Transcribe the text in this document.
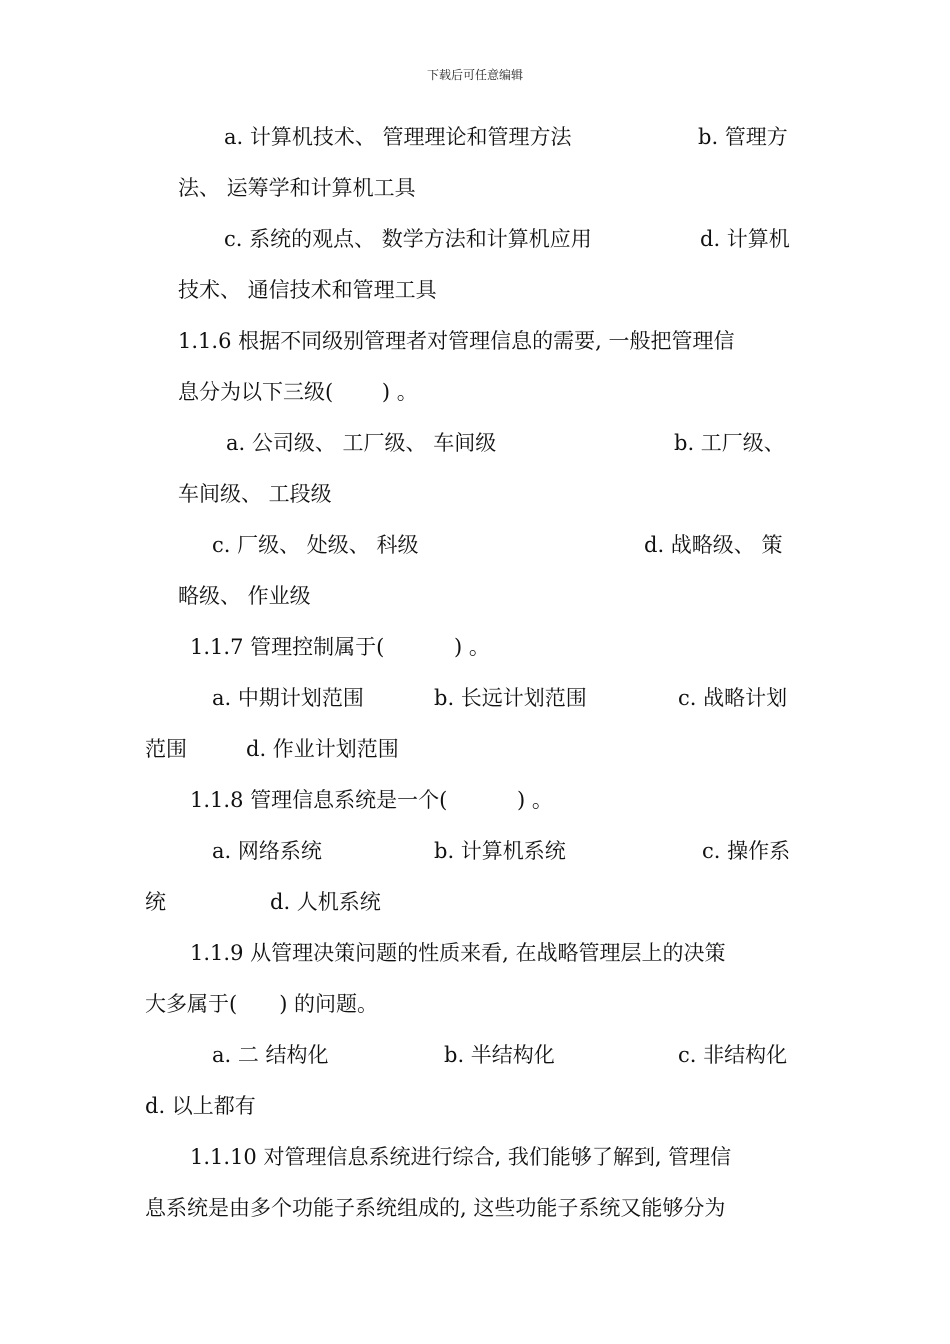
下载后可任意编辑
a. 计算机技术、 管理理论和管理方法	b. 管理方
法、 运筹学和计算机工具
c. 系统的观点、 数学方法和计算机应用	d. 计算机
技术、 通信技术和管理工具
1.1.6 根据不同级别管理者对管理信息的需要, 一般把管理信
息分为以下三级(　　 ) 。
a. 公司级、 工厂级、 车间级	b. 工厂级、
车间级、 工段级
c. 厂级、 处级、 科级	d. 战略级、 策
略级、 作业级
1.1.7 管理控制属于(　　　 ) 。
a. 中期计划范围	b. 长远计划范围	c. 战略计划
范围	d. 作业计划范围
1.1.8 管理信息系统是一个(　　　 ) 。
a. 网络系统	b. 计算机系统	c. 操作系
统	d. 人机系统
1.1.9 从管理决策问题的性质来看, 在战略管理层上的决策
大多属于(　　) 的问题。
a. 二 结构化	b. 半结构化	c. 非结构化
d. 以上都有
1.1.10 对管理信息系统进行综合, 我们能够了解到, 管理信
息系统是由多个功能子系统组成的, 这些功能子系统又能够分为
